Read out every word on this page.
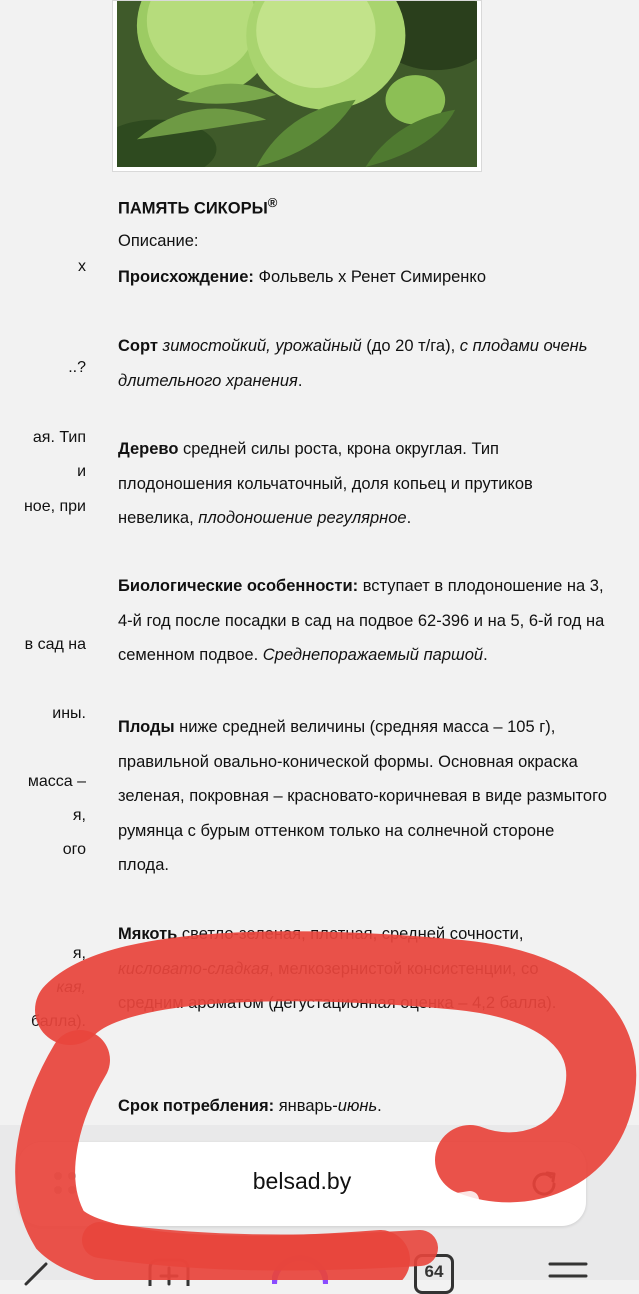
х
..?
ая. Тип
и
ноe, при
в сад на
ины.
масса –
я,
ого
я,
кая,
балла).
ПАМЯТЬ СИКОРЫ®
Описание:
Происхождение: Фольвель х Ренет Симиренко
Сорт зимостойкий, урожайный (до 20 т/га), с плодами очень длительного хранения.
Дерево средней силы роста, крона округлая. Тип плодоношения кольчаточный, доля копьец и прутиков невелика, плодоношение регулярное.
Биологические особенности: вступает в плодоношение на 3, 4-й год после посадки в сад на подвое 62-396 и на 5, 6-й год на семенном подвое. Среднепоражаемый паршой.
Плоды ниже средней величины (средняя масса – 105 г), правильной овально-конической формы. Основная окраска зеленая, покровная – красновато-коричневая в виде размытого румянца с бурым оттенком только на солнечной стороне плода.
Мякоть светло-зеленая, плотная, средней сочности, кисловато-сладкая, мелкозернистой консистенции, со средним ароматом (дегустационная оценка – 4,2 балла).
Срок потребления: январь-июнь.
belsad.by
64
